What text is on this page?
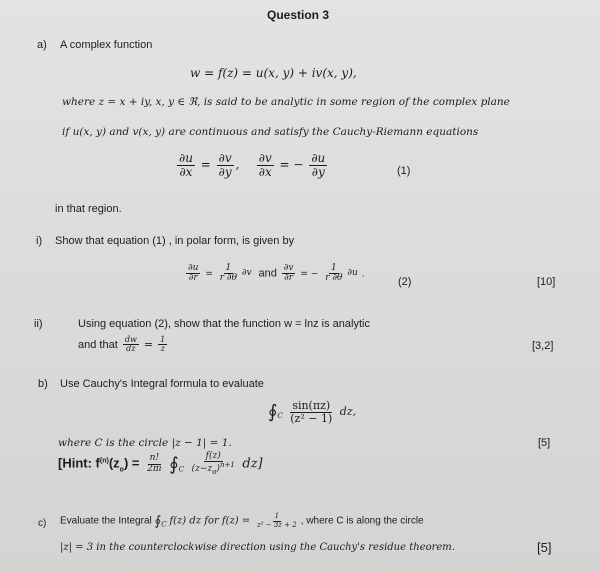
Question 3
a) A complex function
w = f(z) = u(x, y) + iv(x, y),
where z = x + iy, x, y ∈ ℜ, is said to be analytic in some region of the complex plane
if u(x, y) and v(x, y) are continuous and satisfy the Cauchy-Riemann equations
$\frac{\partial u}{\partial x} = \frac{\partial v}{\partial y}$ , $\frac{\partial v}{\partial x}$ = − $\frac{\partial u}{\partial y}$	(1)
in that region.
i) Show that equation (1) , in polar form, is given by
$\frac{\partial u}{\partial r} = \frac{1}{r \partial\theta}$
∂v and $\frac{\partial v}{\partial r}$ = − $\frac{1}{r \partial\theta}$
∂u .
(2)	[10]
ii)	Using equation (2), show that the function w = lnz is analytic
and that $\frac{dw}{dz} = \frac{1}{z}$	[3,2]
b) Use Cauchy's Integral formula to evaluate
$∮_C \frac{\sin(\pi z)}{\text{(z² − 1)}}$ dz,
where C is the circle |z − 1| = 1.	[5]
[Hint: $f^{(n)}(z_o) = \frac{n!}{2\pi i}$ $∮_C \frac{f(z)}{(z-z_o)^{n+1}} dz$]
c) Evaluate the Integral $∮_C$ f(z) dz for $f(z) = \frac{1}{\text{z² − 3z + 2}}$ , where C is along the circle
|z| = 3 in the counterclockwise direction using the Cauchy's residue theorem.	[5]
